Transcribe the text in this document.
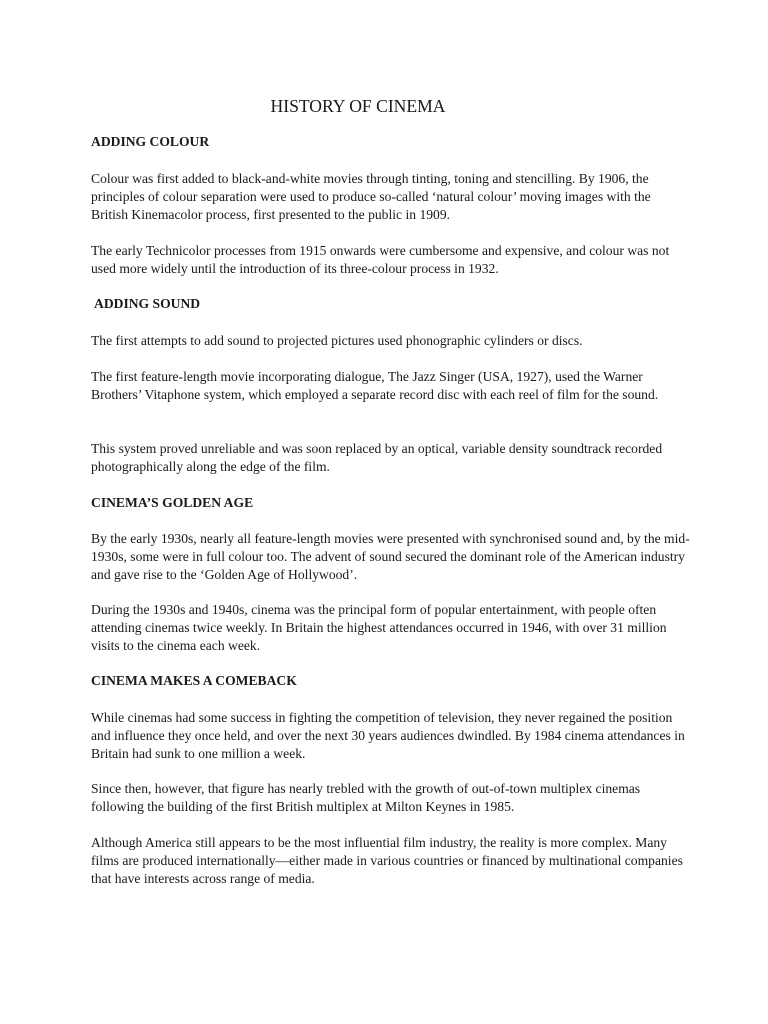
HISTORY OF CINEMA
ADDING COLOUR

Colour was first added to black-and-white movies through tinting, toning and stencilling. By 1906, the principles of colour separation were used to produce so-called ‘natural colour’ moving images with the British Kinemacolor process, first presented to the public in 1909.

The early Technicolor processes from 1915 onwards were cumbersome and expensive, and colour was not used more widely until the introduction of its three-colour process in 1932.

ADDING SOUND

The first attempts to add sound to projected pictures used phonographic cylinders or discs.

The first feature-length movie incorporating dialogue, The Jazz Singer (USA, 1927), used the Warner Brothers’ Vitaphone system, which employed a separate record disc with each reel of film for the sound.

This system proved unreliable and was soon replaced by an optical, variable density soundtrack recorded photographically along the edge of the film.

CINEMA’S GOLDEN AGE

By the early 1930s, nearly all feature-length movies were presented with synchronised sound and, by the mid-1930s, some were in full colour too. The advent of sound secured the dominant role of the American industry and gave rise to the ‘Golden Age of Hollywood’.

During the 1930s and 1940s, cinema was the principal form of popular entertainment, with people often attending cinemas twice weekly. In Britain the highest attendances occurred in 1946, with over 31 million visits to the cinema each week.

CINEMA MAKES A COMEBACK

While cinemas had some success in fighting the competition of television, they never regained the position and influence they once held, and over the next 30 years audiences dwindled. By 1984 cinema attendances in Britain had sunk to one million a week.

Since then, however, that figure has nearly trebled with the growth of out-of-town multiplex cinemas following the building of the first British multiplex at Milton Keynes in 1985.

Although America still appears to be the most influential film industry, the reality is more complex. Many films are produced internationally—either made in various countries or financed by multinational companies that have interests across range of media.
